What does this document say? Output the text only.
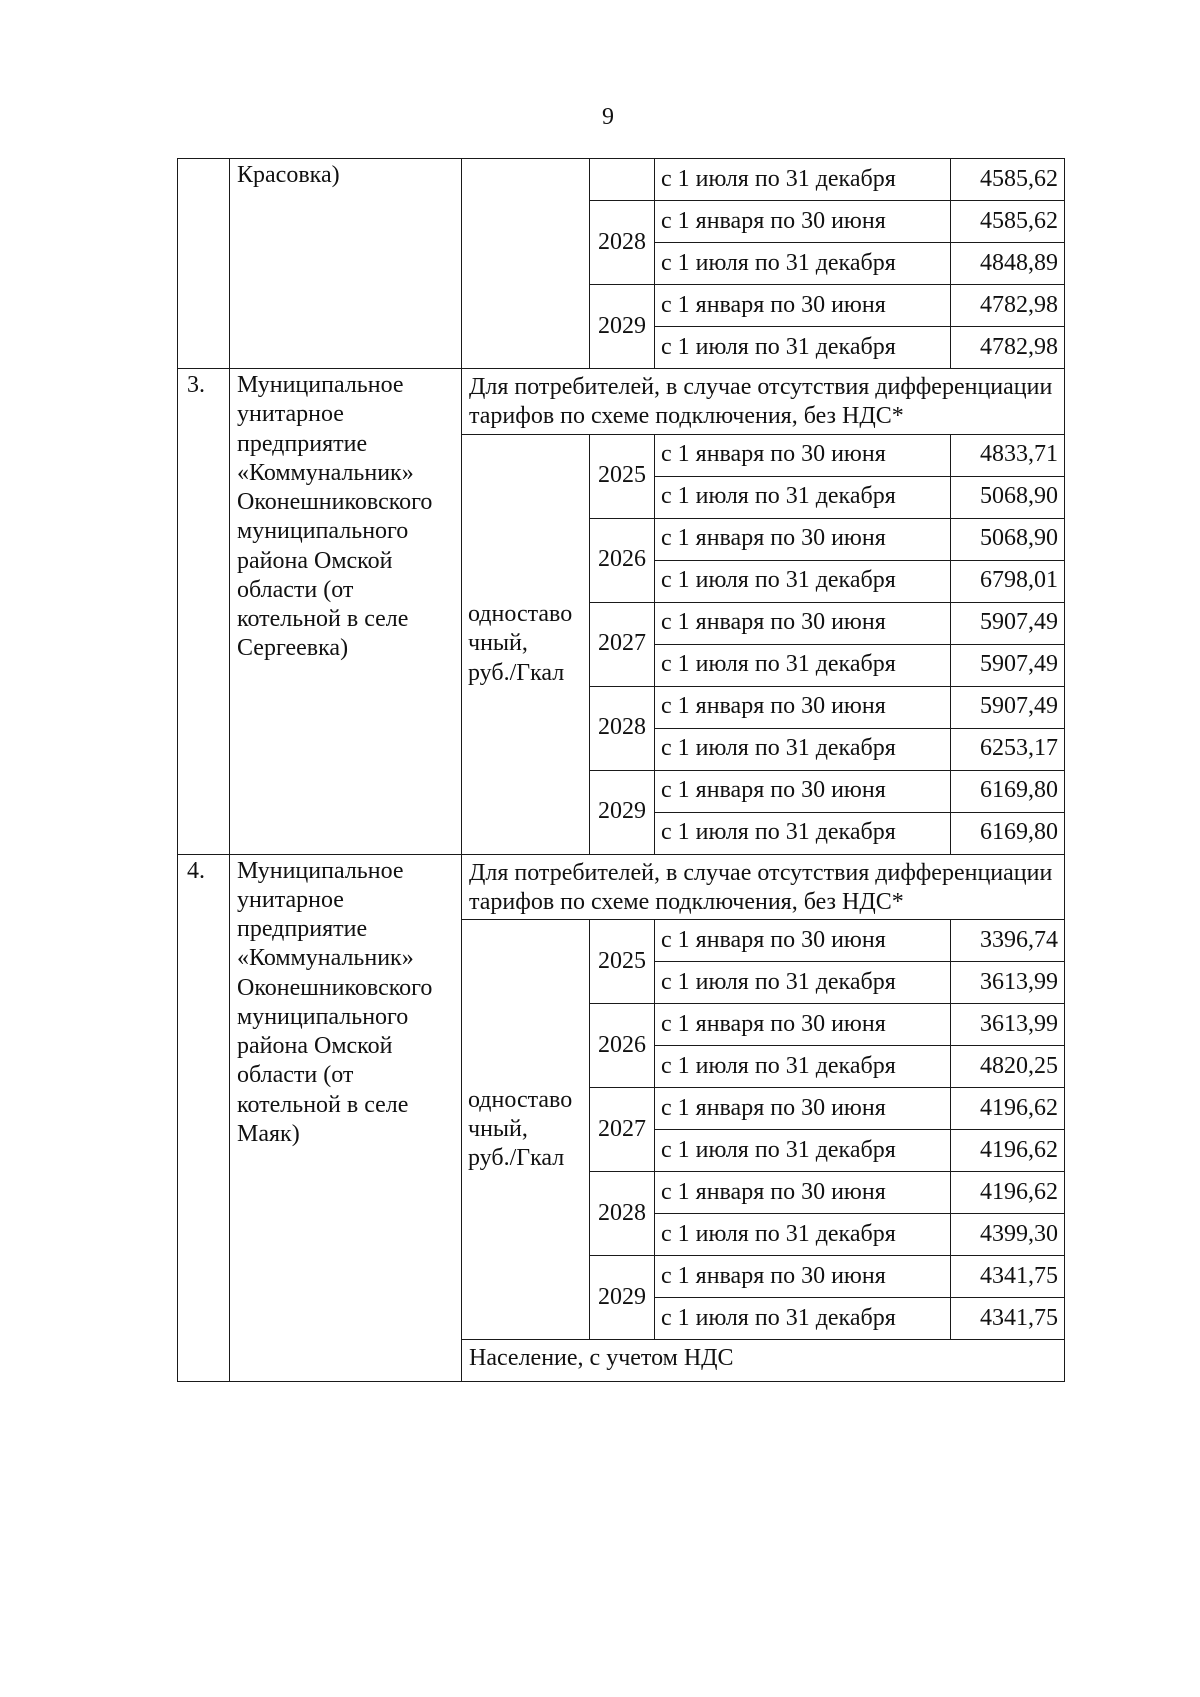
9
	Красовка)			с 1 июля по 31 декабря	4585,62
			2028	с 1 января по 30 июня	4585,62
				с 1 июля по 31 декабря	4848,89
			2029	с 1 января по 30 июня	4782,98
				с 1 июля по 31 декабря	4782,98
3.	Муниципальное унитарное предприятие «Коммунальник» Оконешниковского муниципального района Омской области (от котельной в селе Сергеевка)	Для потребителей, в случае отсутствия дифференциации тарифов по схеме подключения, без НДС*			
		одноставо чный, руб./Гкал	2025	с 1 января по 30 июня	4833,71
				с 1 июля по 31 декабря	5068,90
			2026	с 1 января по 30 июня	5068,90
				с 1 июля по 31 декабря	6798,01
			2027	с 1 января по 30 июня	5907,49
				с 1 июля по 31 декабря	5907,49
			2028	с 1 января по 30 июня	5907,49
				с 1 июля по 31 декабря	6253,17
			2029	с 1 января по 30 июня	6169,80
				с 1 июля по 31 декабря	6169,80
4.	Муниципальное унитарное предприятие «Коммунальник» Оконешниковского муниципального района Омской области (от котельной в селе Маяк)	Для потребителей, в случае отсутствия дифференциации тарифов по схеме подключения, без НДС*			
		одноставо чный, руб./Гкал	2025	с 1 января по 30 июня	3396,74
				с 1 июля по 31 декабря	3613,99
			2026	с 1 января по 30 июня	3613,99
				с 1 июля по 31 декабря	4820,25
			2027	с 1 января по 30 июня	4196,62
				с 1 июля по 31 декабря	4196,62
			2028	с 1 января по 30 июня	4196,62
				с 1 июля по 31 декабря	4399,30
			2029	с 1 января по 30 июня	4341,75
				с 1 июля по 31 декабря	4341,75
		Население, с учетом НДС			
